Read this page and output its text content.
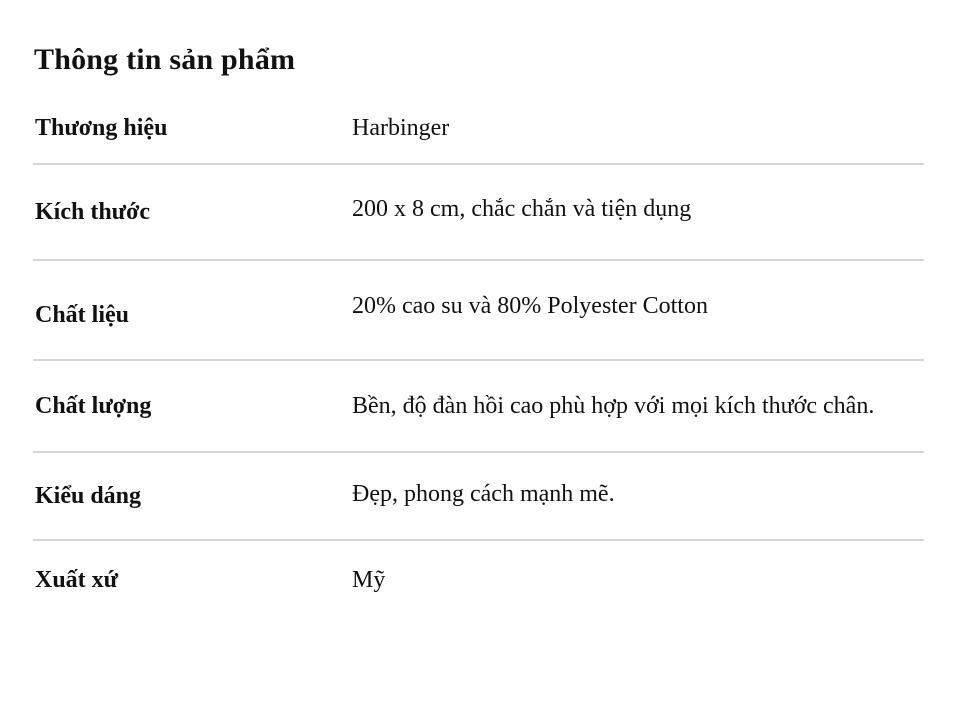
Thông tin sản phẩm
Thương hiệu	Harbinger
Kích thước	200 x 8 cm, chắc chắn và tiện dụng
Chất liệu	20% cao su và 80% Polyester Cotton
Chất lượng	Bền, độ đàn hồi cao phù hợp với mọi kích thước chân.
Kiểu dáng	Đẹp, phong cách mạnh mẽ.
Xuất xứ	Mỹ
